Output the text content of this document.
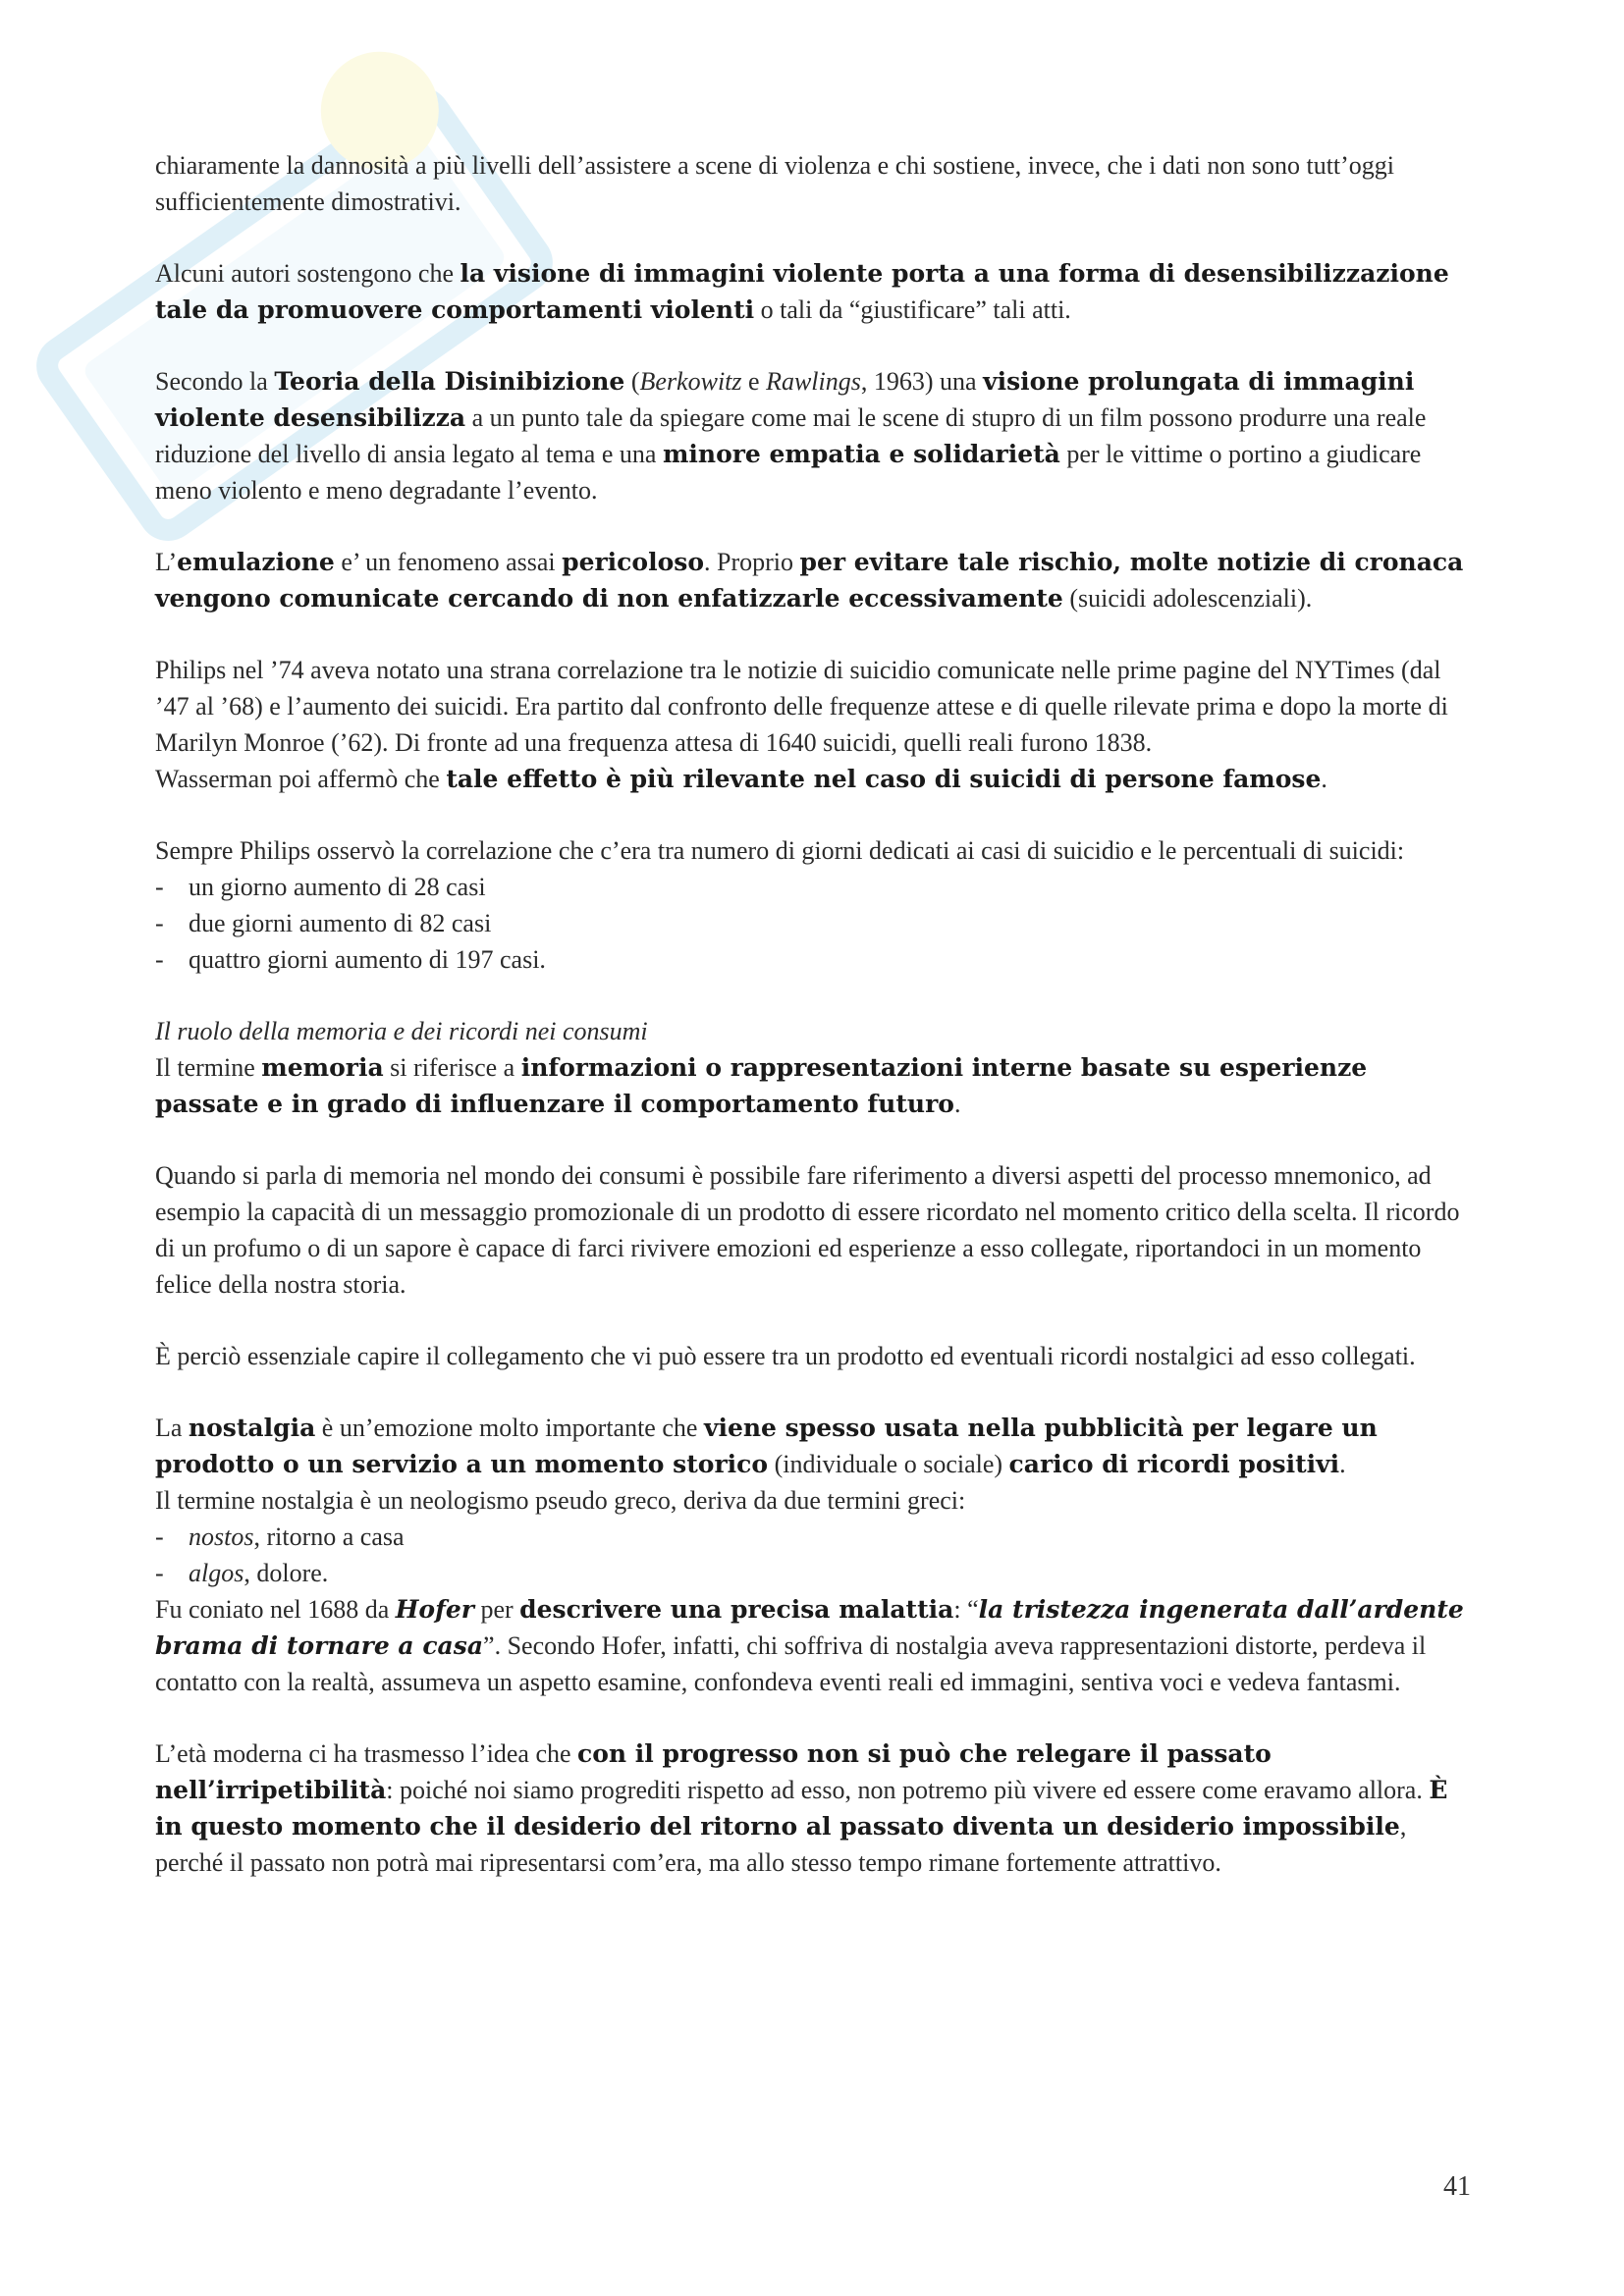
chiaramente la dannosità a più livelli dell’assistere a scene di violenza e chi sostiene, invece, che i dati non sono tutt’oggi sufficientemente dimostrativi.

Alcuni autori sostengono che la visione di immagini violente porta a una forma di desensibilizzazione tale da promuovere comportamenti violenti o tali da “giustificare” tali atti.

Secondo la Teoria della Disinibizione (Berkowitz e Rawlings, 1963) una visione prolungata di immagini violente desensibilizza a un punto tale da spiegare come mai le scene di stupro di un film possono produrre una reale riduzione del livello di ansia legato al tema e una minore empatia e solidarietà per le vittime o portino a giudicare meno violento e meno degradante l’evento.

L’emulazione e’ un fenomeno assai pericoloso. Proprio per evitare tale rischio, molte notizie di cronaca vengono comunicate cercando di non enfatizzarle eccessivamente (suicidi adolescenziali).

Philips nel ’74 aveva notato una strana correlazione tra le notizie di suicidio comunicate nelle prime pagine del NYTimes (dal ’47 al ’68) e l’aumento dei suicidi. Era partito dal confronto delle frequenze attese e di quelle rilevate prima e dopo la morte di Marilyn Monroe (’62). Di fronte ad una frequenza attesa di 1640 suicidi, quelli reali furono 1838.
Wasserman poi affermò che tale effetto è più rilevante nel caso di suicidi di persone famose.

Sempre Philips osservò la correlazione che c’era tra numero di giorni dedicati ai casi di suicidio e le percentuali di suicidi:

- un giorno aumento di 28 casi
- due giorni aumento di 82 casi
- quattro giorni aumento di 197 casi.

Il ruolo della memoria e dei ricordi nei consumi

Il termine memoria si riferisce a informazioni o rappresentazioni interne basate su esperienze passate e in grado di influenzare il comportamento futuro.

Quando si parla di memoria nel mondo dei consumi è possibile fare riferimento a diversi aspetti del processo mnemonico, ad esempio la capacità di un messaggio promozionale di un prodotto di essere ricordato nel momento critico della scelta. Il ricordo di un profumo o di un sapore è capace di farci rivivere emozioni ed esperienze a esso collegate, riportandoci in un momento felice della nostra storia.

È perciò essenziale capire il collegamento che vi può essere tra un prodotto ed eventuali ricordi nostalgici ad esso collegati.

La nostalgia è un’emozione molto importante che viene spesso usata nella pubblicità per legare un prodotto o un servizio a un momento storico (individuale o sociale) carico di ricordi positivi.
Il termine nostalgia è un neologismo pseudo greco, deriva da due termini greci:

- nostos, ritorno a casa
- algos, dolore.

Fu coniato nel 1688 da Hofer per descrivere una precisa malattia: “la tristezza ingenerata dall’ardente brama di tornare a casa”. Secondo Hofer, infatti, chi soffriva di nostalgia aveva rappresentazioni distorte, perdeva il contatto con la realtà, assumeva un aspetto esamine, confondeva eventi reali ed immagini, sentiva voci e vedeva fantasmi.

L’età moderna ci ha trasmesso l’idea che con il progresso non si può che relegare il passato nell’irripetibilità: poiché noi siamo progrediti rispetto ad esso, non potremo più vivere ed essere come eravamo allora. È in questo momento che il desiderio del ritorno al passato diventa un desiderio impossibile, perché il passato non potrà mai ripresentarsi com’era, ma allo stesso tempo rimane fortemente attrattivo.

41
